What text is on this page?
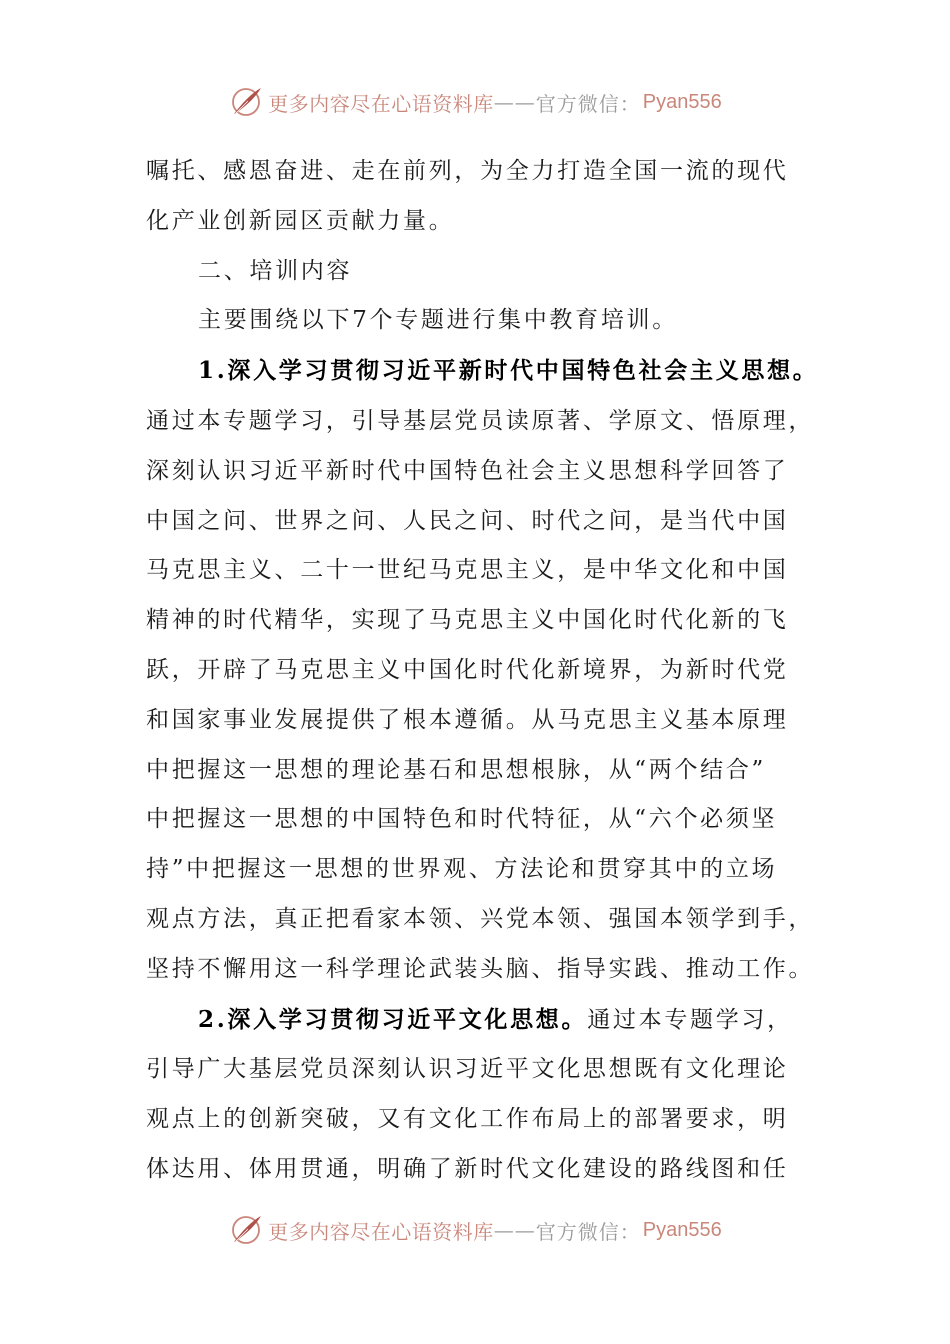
更多内容尽在心语资料库 —— 官方微信： Pyan556

嘱托、感恩奋进、走在前列，为全力打造全国一流的现代

化产业创新园区贡献力量。

二、培训内容

主要围绕以下7个专题进行集中教育培训。

1.深入学习贯彻习近平新时代中国特色社会主义思想。

通过本专题学习，引导基层党员读原著、学原文、悟原理，

深刻认识习近平新时代中国特色社会主义思想科学回答了

中国之问、世界之问、人民之问、时代之问，是当代中国

马克思主义、二十一世纪马克思主义，是中华文化和中国

精神的时代精华，实现了马克思主义中国化时代化新的飞

跃，开辟了马克思主义中国化时代化新境界，为新时代党

和国家事业发展提供了根本遵循。从马克思主义基本原理

中把握这一思想的理论基石和思想根脉，从“两个结合”

中把握这一思想的中国特色和时代特征，从“六个必须坚

持”中把握这一思想的世界观、方法论和贯穿其中的立场

观点方法，真正把看家本领、兴党本领、强国本领学到手，

坚持不懈用这一科学理论武装头脑、指导实践、推动工作。

2.深入学习贯彻习近平文化思想。通过本专题学习，

引导广大基层党员深刻认识习近平文化思想既有文化理论

观点上的创新突破，又有文化工作布局上的部署要求，明

体达用、体用贯通，明确了新时代文化建设的路线图和任

更多内容尽在心语资料库 —— 官方微信： Pyan556
